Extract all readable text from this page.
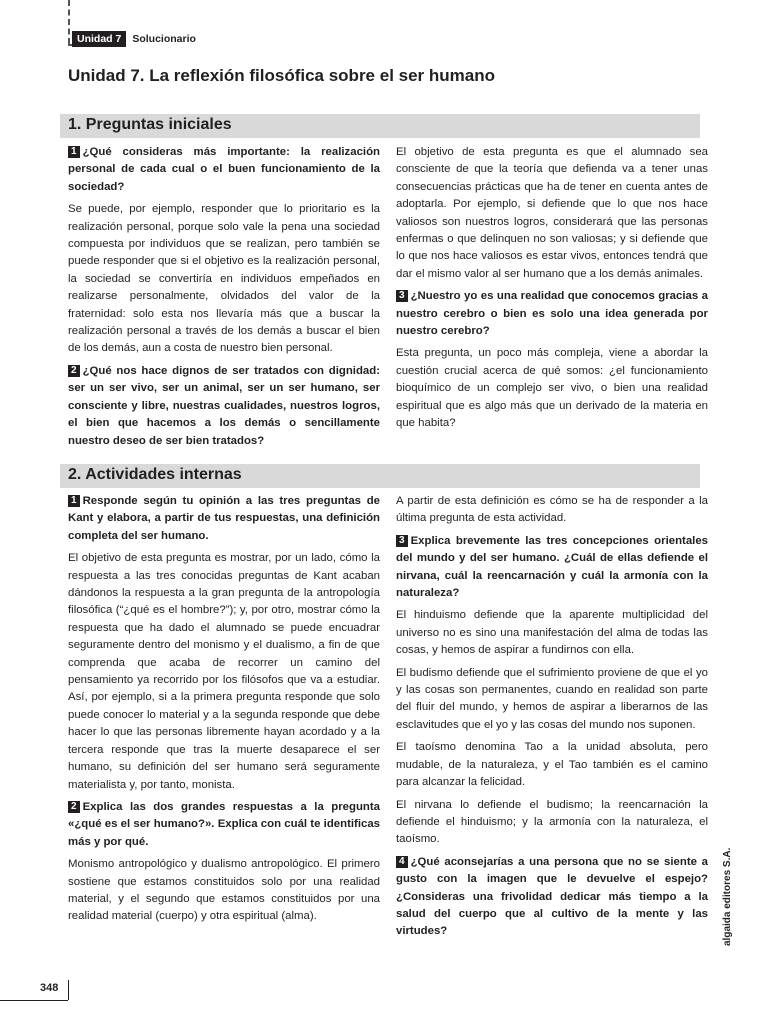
Unidad 7	Solucionario
Unidad 7. La reflexión filosófica sobre el ser humano
1. Preguntas iniciales

1 ¿Qué consideras más importante: la realización personal de cada cual o el buen funcionamiento de la sociedad?

Se puede, por ejemplo, responder que lo prioritario es la realización personal, porque solo vale la pena una sociedad compuesta por individuos que se realizan, pero también se puede responder que si el objetivo es la realización personal, la sociedad se convertiría en individuos empeñados en realizarse personalmente, olvidados del valor de la fraternidad: solo esta nos llevaría más que a buscar la realización personal a través de los demás a buscar el bien de los demás, aun a costa de nuestro bien personal.

2 ¿Qué nos hace dignos de ser tratados con dignidad: ser un ser vivo, ser un animal, ser un ser humano, ser consciente y libre, nuestras cualidades, nuestros logros, el bien que hacemos a los demás o sencillamente nuestro deseo de ser bien tratados?

El objetivo de esta pregunta es que el alumnado sea consciente de que la teoría que defienda va a tener unas consecuencias prácticas que ha de tener en cuenta antes de adoptarla. Por ejemplo, si defiende que lo que nos hace valiosos son nuestros logros, considerará que las personas enfermas o que delinquen no son valiosas; y si defiende que lo que nos hace valiosos es estar vivos, entonces tendrá que dar el mismo valor al ser humano que a los demás animales.

3 ¿Nuestro yo es una realidad que conocemos gracias a nuestro cerebro o bien es solo una idea generada por nuestro cerebro?

Esta pregunta, un poco más compleja, viene a abordar la cuestión crucial acerca de qué somos: ¿el funcionamiento bioquímico de un complejo ser vivo, o bien una realidad espiritual que es algo más que un derivado de la materia en que habita?

2. Actividades internas

1 Responde según tu opinión a las tres preguntas de Kant y elabora, a partir de tus respuestas, una definición completa del ser humano.

El objetivo de esta pregunta es mostrar, por un lado, cómo la respuesta a las tres conocidas preguntas de Kant acaban dándonos la respuesta a la gran pregunta de la antropología filosófica (“¿qué es el hombre?”); y, por otro, mostrar cómo la respuesta que ha dado el alumnado se puede encuadrar seguramente dentro del monismo y el dualismo, a fin de que comprenda que acaba de recorrer un camino del pensamiento ya recorrido por los filósofos que va a estudiar. Así, por ejemplo, si a la primera pregunta responde que solo puede conocer lo material y a la segunda responde que debe hacer lo que las personas libremente hayan acordado y a la tercera responde que tras la muerte desaparece el ser humano, su definición del ser humano será seguramente materialista y, por tanto, monista.

2 Explica las dos grandes respuestas a la pregunta «¿qué es el ser humano?». Explica con cuál te identificas más y por qué.

Monismo antropológico y dualismo antropológico. El primero sostiene que estamos constituidos solo por una realidad material, y el segundo que estamos constituidos por una realidad material (cuerpo) y otra espiritual (alma).

A partir de esta definición es cómo se ha de responder a la última pregunta de esta actividad.

3 Explica brevemente las tres concepciones orientales del mundo y del ser humano. ¿Cuál de ellas defiende el nirvana, cuál la reencarnación y cuál la armonía con la naturaleza?

El hinduismo defiende que la aparente multiplicidad del universo no es sino una manifestación del alma de todas las cosas, y hemos de aspirar a fundirnos con ella.

El budismo defiende que el sufrimiento proviene de que el yo y las cosas son permanentes, cuando en realidad son parte del fluir del mundo, y hemos de aspirar a liberarnos de las esclavitudes que el yo y las cosas del mundo nos suponen.

El taoísmo denomina Tao a la unidad absoluta, pero mudable, de la naturaleza, y el Tao también es el camino para alcanzar la felicidad.

El nirvana lo defiende el budismo; la reencarnación la defiende el hinduismo; y la armonía con la naturaleza, el taoísmo.

4 ¿Qué aconsejarías a una persona que no se siente a gusto con la imagen que le devuelve el espejo? ¿Consideras una frivolidad dedicar más tiempo a la salud del cuerpo que al cultivo de la mente y las virtudes?	algaida editores S.A.
348
